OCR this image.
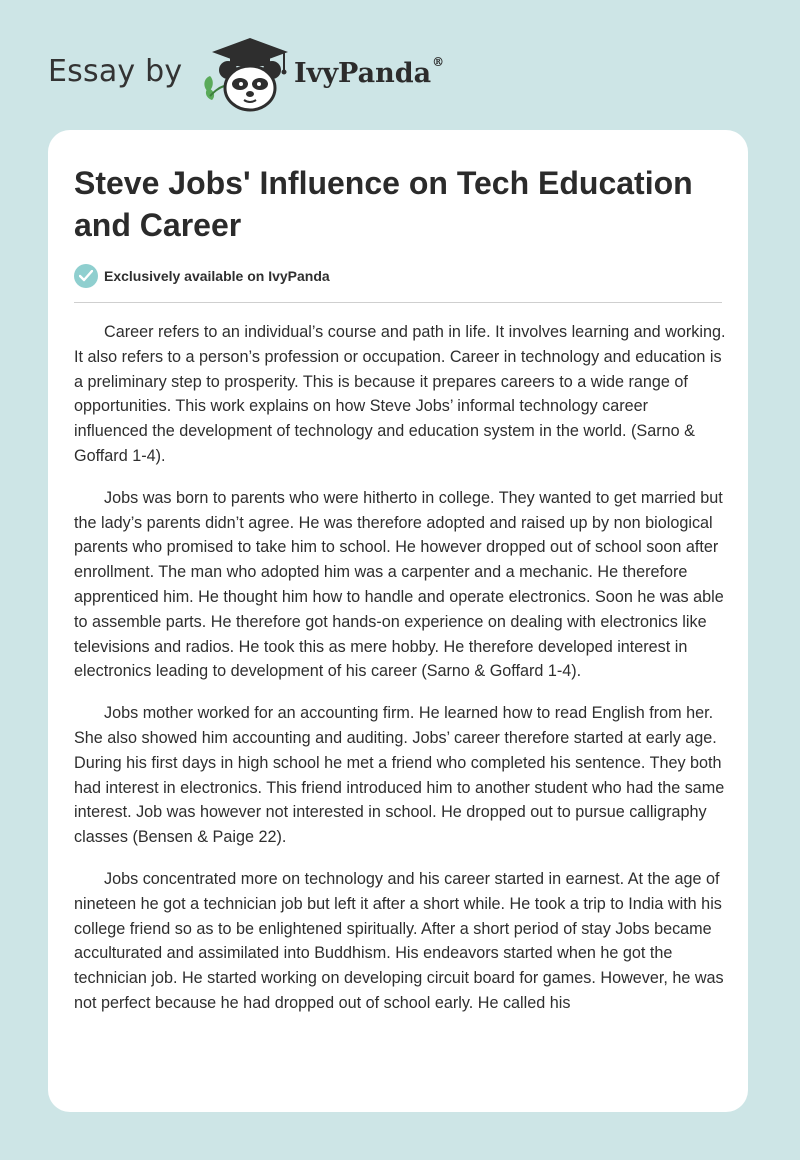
Essay by	IvyPanda®
Steve Jobs' Influence on Tech Education and Career
Exclusively available on IvyPanda

Career refers to an individual’s course and path in life. It involves learning and working. It also refers to a person’s profession or occupation. Career in technology and education is a preliminary step to prosperity. This is because it prepares careers to a wide range of opportunities. This work explains on how Steve Jobs’ informal technology career influenced the development of technology and education system in the world. (Sarno & Goffard 1-4).

Jobs was born to parents who were hitherto in college. They wanted to get married but the lady’s parents didn’t agree. He was therefore adopted and raised up by non biological parents who promised to take him to school. He however dropped out of school soon after enrollment. The man who adopted him was a carpenter and a mechanic. He therefore apprenticed him. He thought him how to handle and operate electronics. Soon he was able to assemble parts. He therefore got hands-on experience on dealing with electronics like televisions and radios. He took this as mere hobby. He therefore developed interest in electronics leading to development of his career (Sarno & Goffard 1-4).

Jobs mother worked for an accounting firm. He learned how to read English from her. She also showed him accounting and auditing. Jobs’ career therefore started at early age. During his first days in high school he met a friend who completed his sentence. They both had interest in electronics. This friend introduced him to another student who had the same interest. Job was however not interested in school. He dropped out to pursue calligraphy classes (Bensen & Paige 22).

Jobs concentrated more on technology and his career started in earnest. At the age of nineteen he got a technician job but left it after a short while. He took a trip to India with his college friend so as to be enlightened spiritually. After a short period of stay Jobs became acculturated and assimilated into Buddhism. His endeavors started when he got the technician job. He started working on developing circuit board for games. However, he was not perfect because he had dropped out of school early. He called his
